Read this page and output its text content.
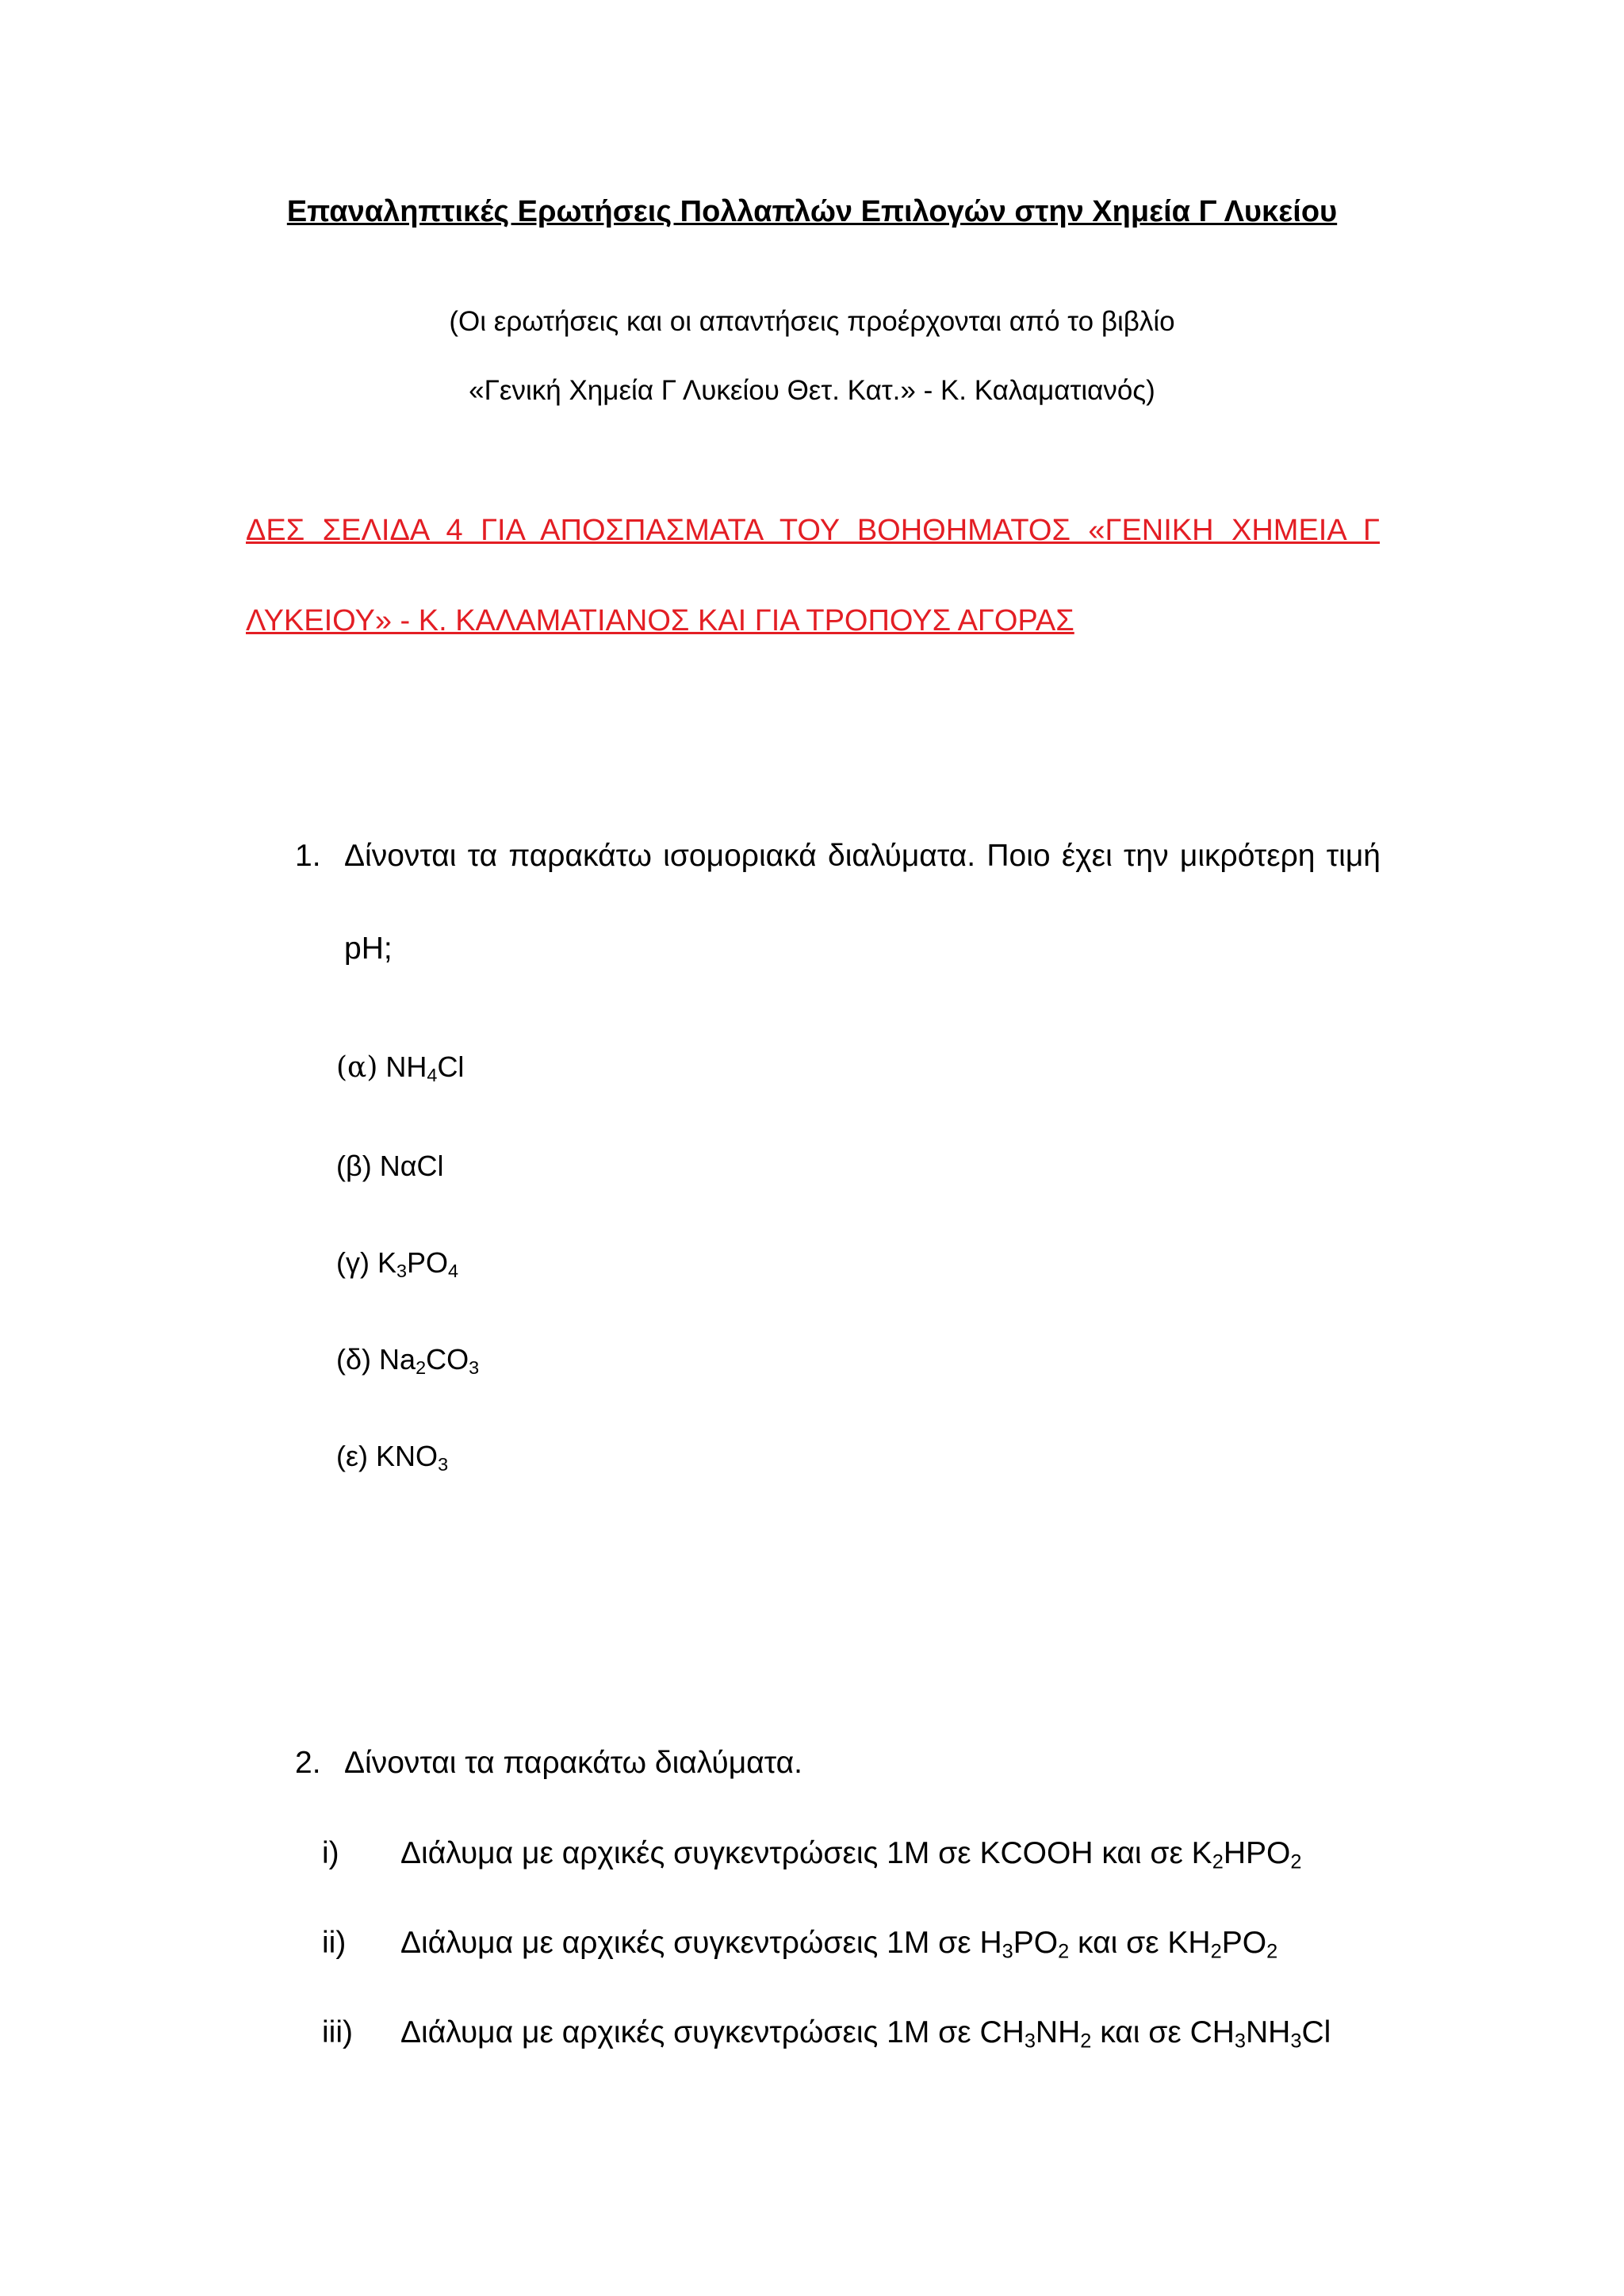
Επαναληπτικές Ερωτήσεις Πολλαπλών Επιλογών στην Χημεία Γ Λυκείου
(Οι ερωτήσεις και οι απαντήσεις προέρχονται από το βιβλίο
«Γενική Χημεία Γ Λυκείου Θετ. Κατ.» - Κ. Καλαματιανός)
ΔΕΣ ΣΕΛΙΔΑ 4 ΓΙΑ ΑΠΟΣΠΑΣΜΑΤΑ ΤΟΥ ΒΟΗΘΗΜΑΤΟΣ «ΓΕΝΙΚΗ ΧΗΜΕΙΑ Γ
ΛΥΚΕΙΟΥ» - Κ. ΚΑΛΑΜΑΤΙΑΝΟΣ ΚΑΙ ΓΙΑ ΤΡΟΠΟΥΣ ΑΓΟΡΑΣ
1. Δίνονται τα παρακάτω ισομοριακά διαλύματα. Ποιο έχει την μικρότερη τιμή
pH;
(α) $NH_4Cl$
(β) NαCl
(γ) $K_3PO_4$
(δ) $Na_2CO_3$
(ε) $KNO_3$
2. Δίνονται τα παρακάτω διαλύματα.
i) Διάλυμα με αρχικές συγκεντρώσεις 1Μ σε KCOOH και σε $K_2HPO_2$
ii) Διάλυμα με αρχικές συγκεντρώσεις 1Μ σε $H_3PO_2$ και σε $KH_2PO_2$
iii) Διάλυμα με αρχικές συγκεντρώσεις 1Μ σε $CH_3NH_2$ και σε $CH_3NH_3Cl$
